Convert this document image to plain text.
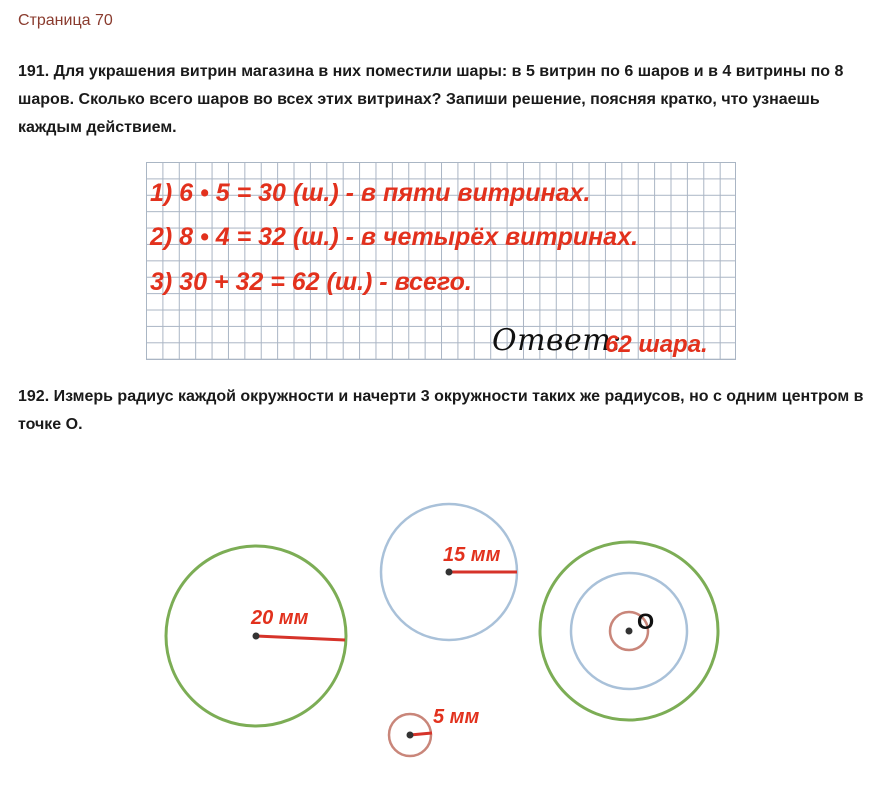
Страница 70
191. Для украшения витрин магазина в них поместили шары: в 5 витрин по 6 шаров и в 4 витрины по 8 шаров. Сколько всего шаров во всех этих витринах? Запиши решение, поясняя кратко, что узнаешь каждым действием.
1) 6 • 5 = 30 (ш.) - в пяти витринах.
2) 8 • 4 = 32 (ш.) - в четырёх витринах.
3) 30 + 32 = 62 (ш.) - всего.
Ответ:
62 шара.
192. Измерь радиус каждой окружности и начерти 3 окружности таких же радиусов, но с одним центром в точке О.
20 мм
15 мм
5 мм
О
